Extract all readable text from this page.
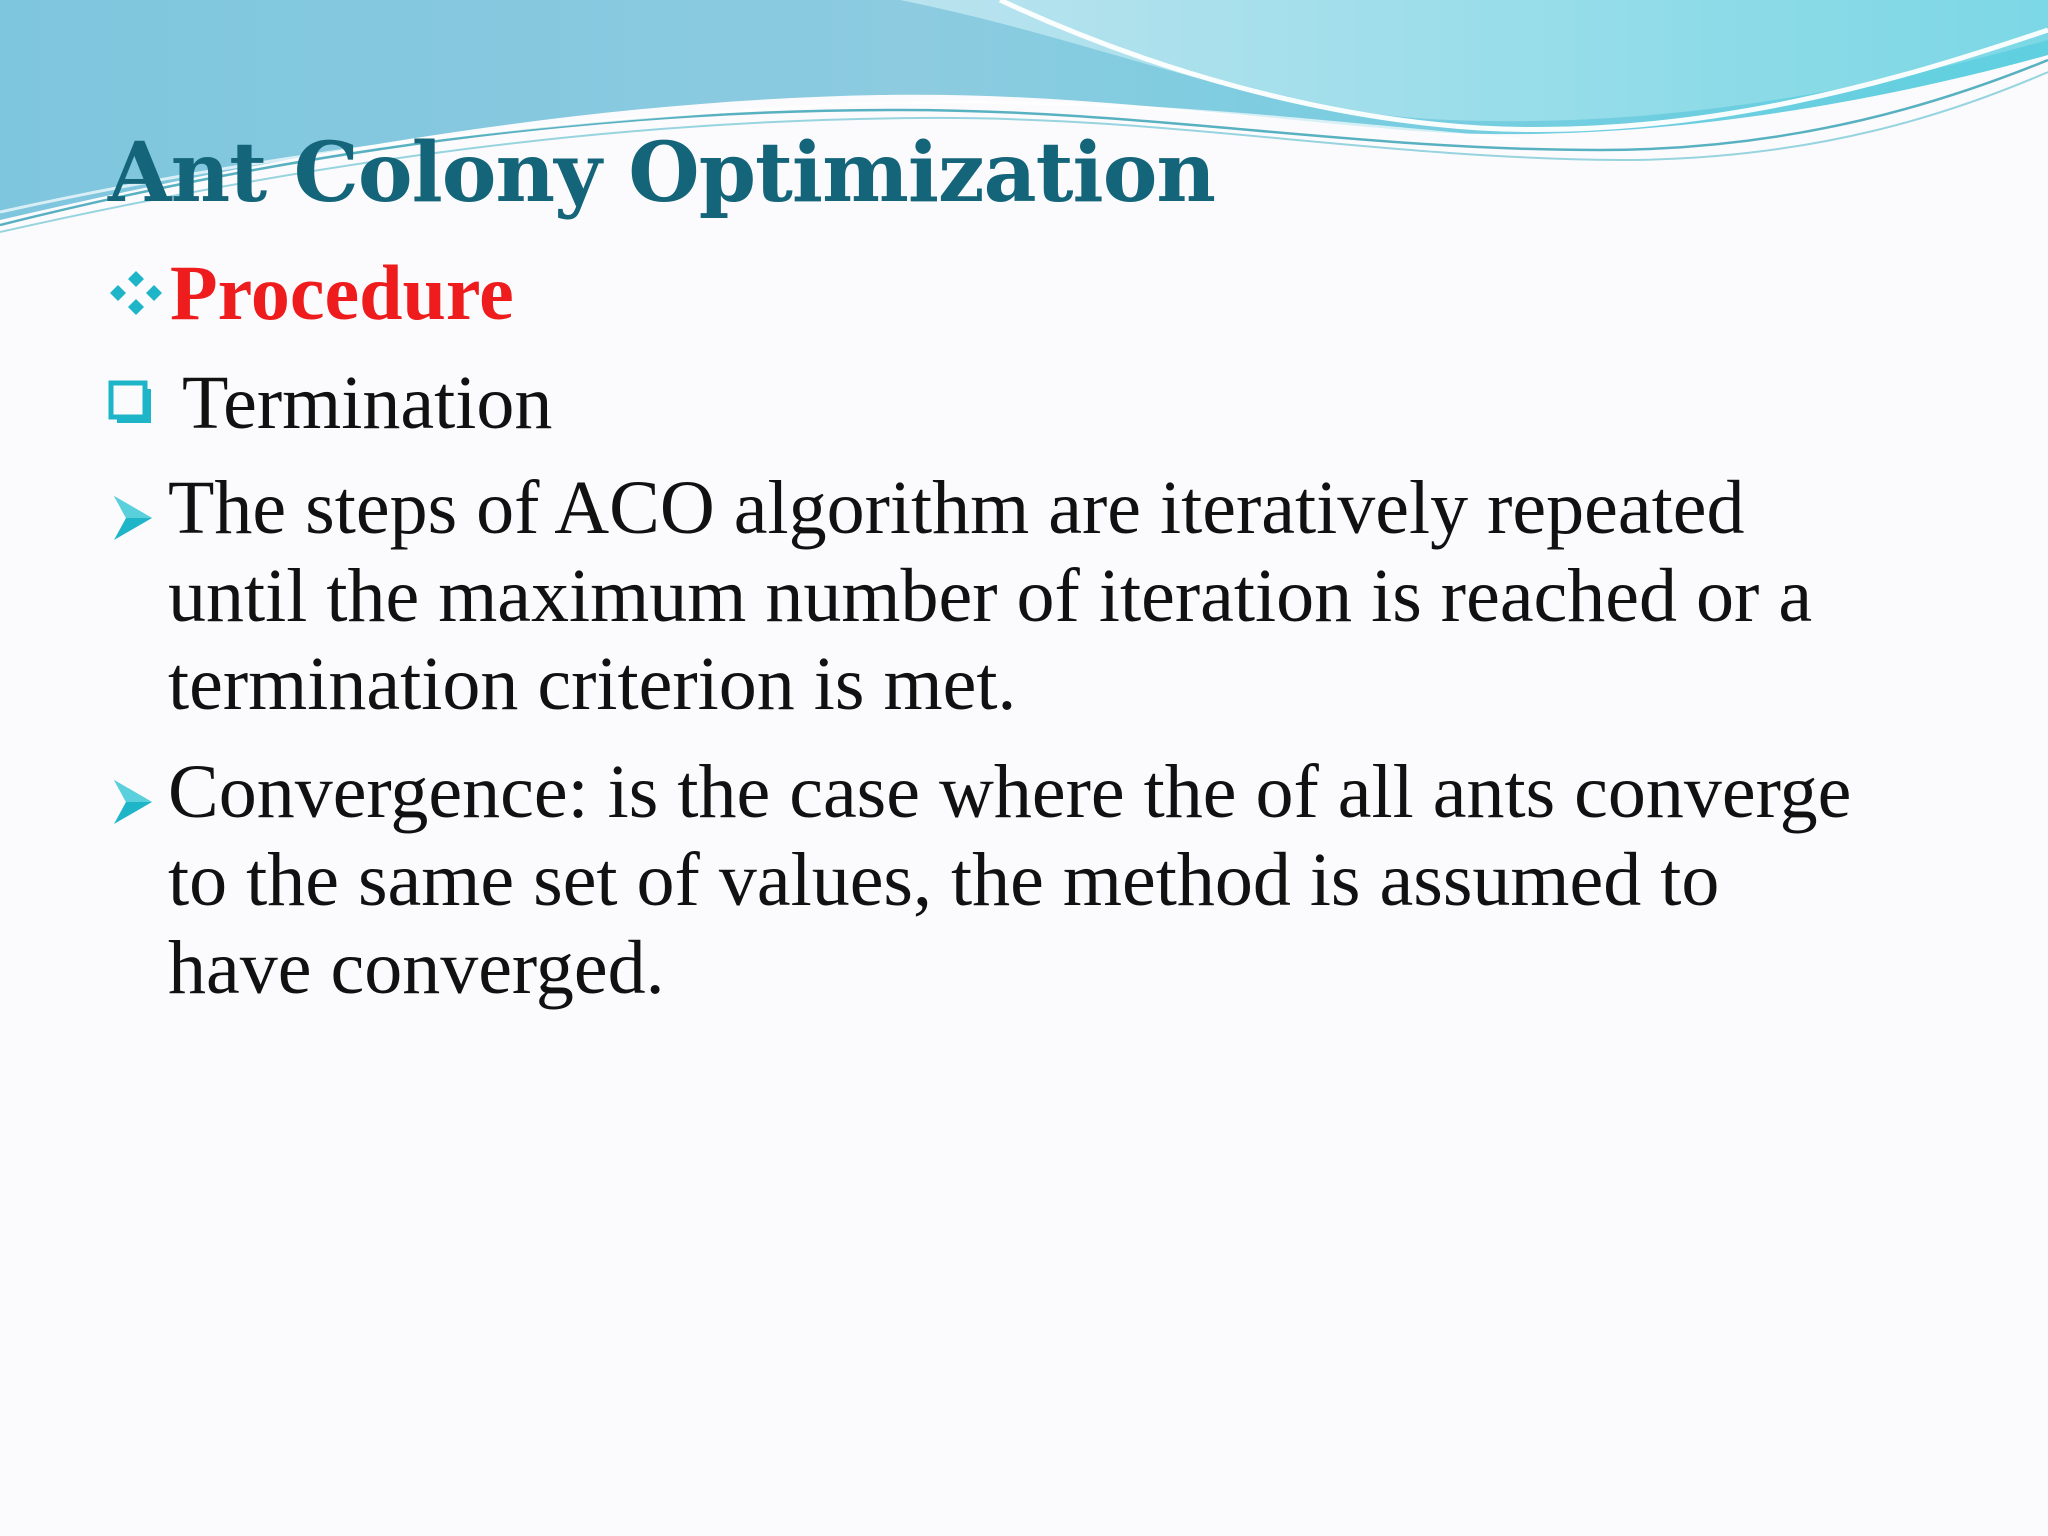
Ant Colony Optimization
Procedure
Termination
The steps of ACO algorithm are iteratively repeated
until the maximum number of iteration is reached or a
termination criterion is met.
Convergence: is the case where the of all ants converge
to the same set of values, the method is assumed to
have converged.
